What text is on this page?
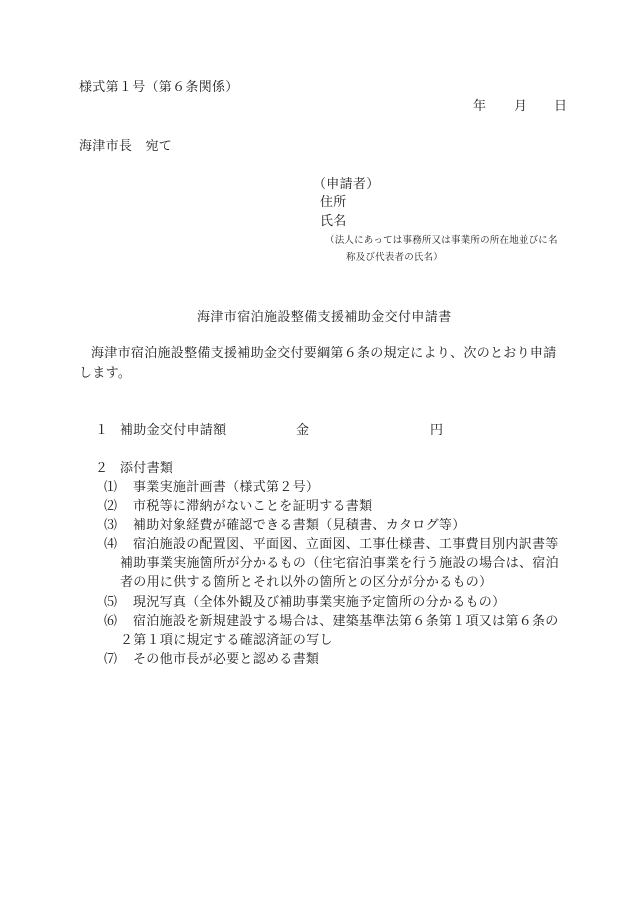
様式第１号（第６条関係）
年 月 日
海津市長　宛て
（申請者）
住所
氏名
（法人にあっては事務所又は事業所の所在地並びに名
称及び代表者の氏名）
海津市宿泊施設整備支援補助金交付申請書
海津市宿泊施設整備支援補助金交付要綱第６条の規定により、次のとおり申請
します。
１ 補助金交付申請額	金	円
２ 添付書類
⑴ 事業実施計画書（様式第２号）
⑵ 市税等に滞納がないことを証明する書類
⑶ 補助対象経費が確認できる書類（見積書、カタログ等）
⑷ 宿泊施設の配置図、平面図、立面図、工事仕様書、工事費目別内訳書等
補助事業実施箇所が分かるもの（住宅宿泊事業を行う施設の場合は、宿泊
者の用に供する箇所とそれ以外の箇所との区分が分かるもの）
⑸ 現況写真（全体外観及び補助事業実施予定箇所の分かるもの）
⑹ 宿泊施設を新規建設する場合は、建築基準法第６条第１項又は第６条の
２第１項に規定する確認済証の写し
⑺ その他市長が必要と認める書類
